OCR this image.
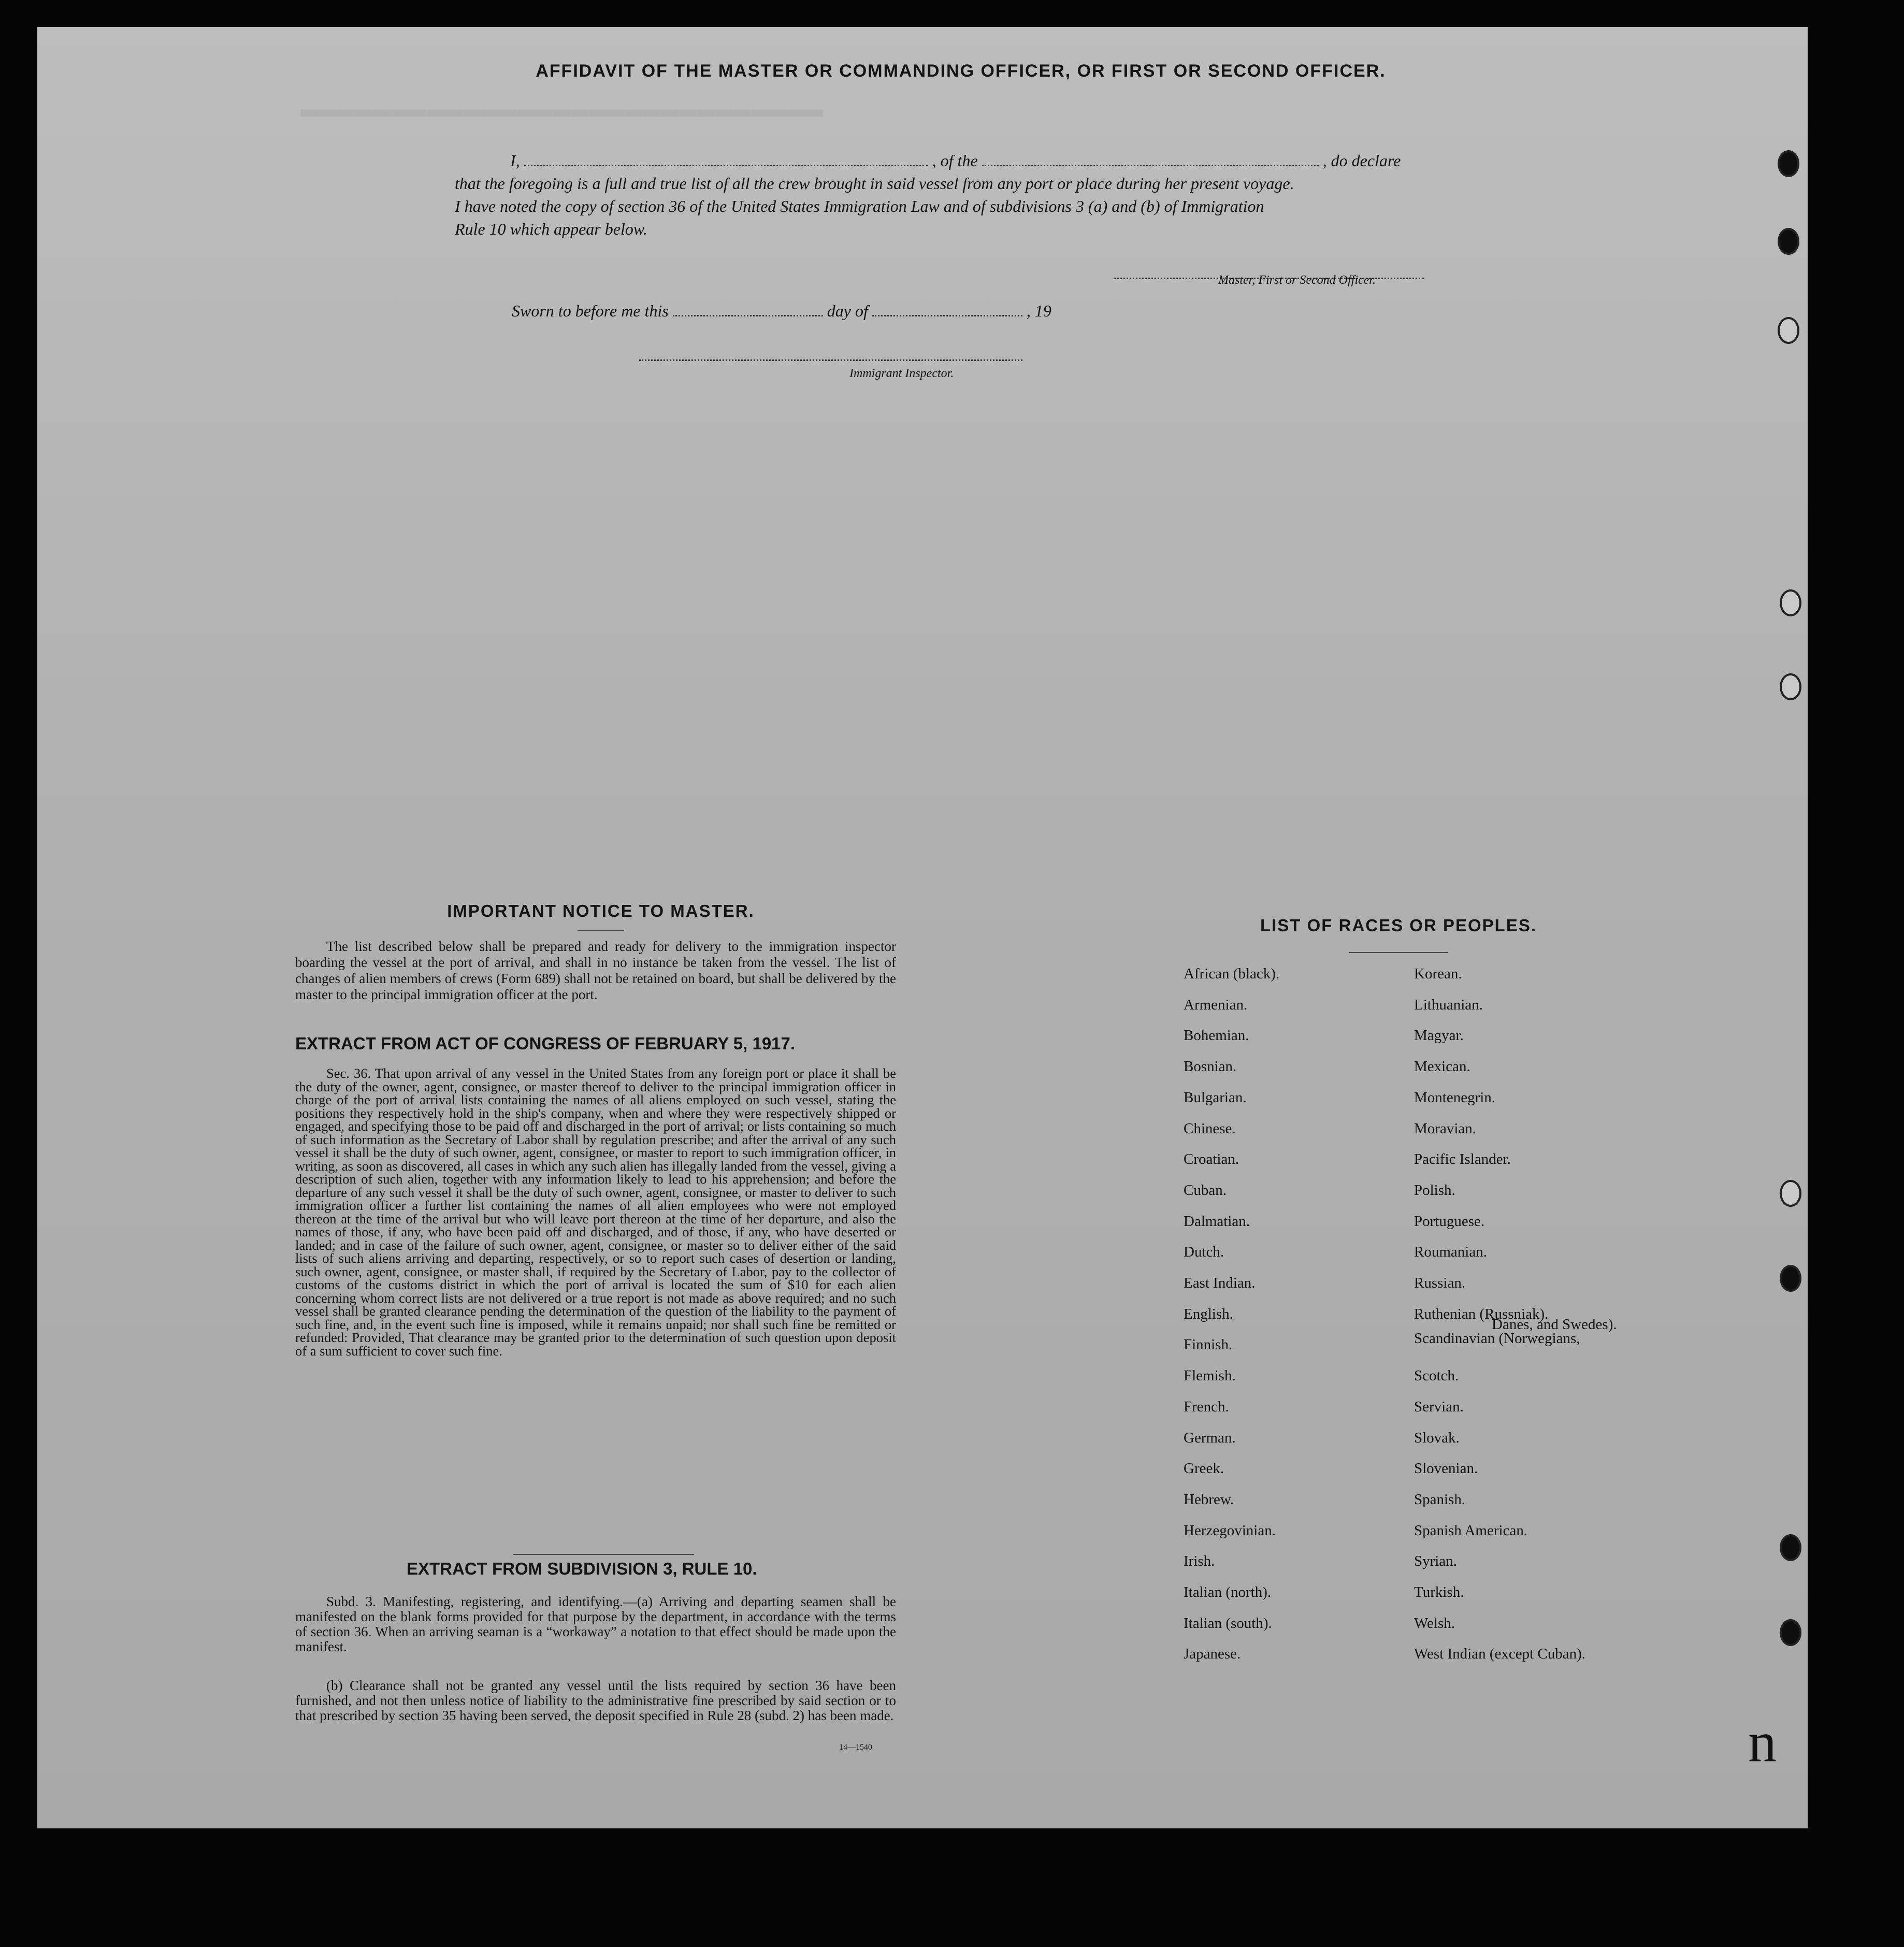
▬▬▬▬▬▬▬▬▬▬▬▬▬▬▬▬▬▬▬▬▬▬▬▬▬▬▬▬▬
AFFIDAVIT OF THE MASTER OR COMMANDING OFFICER, OR FIRST OR SECOND OFFICER.
I,	, of the	, do declare
that the foregoing is a full and true list of all the crew brought in said vessel from any port or place during her present voyage.
I have noted the copy of section 36 of the United States Immigration Law and of subdivisions 3 (a) and (b) of Immigration
Rule 10 which appear below.
Master, First or Second Officer.
Sworn to before me this	day of	, 19
Immigrant Inspector.
IMPORTANT NOTICE TO MASTER.
The list described below shall be prepared and ready for delivery to the immigration inspector boarding the vessel at the port of arrival, and shall in no instance be taken from the vessel. The list of changes of alien members of crews (Form 689) shall not be retained on board, but shall be delivered by the master to the principal immigration officer at the port.
EXTRACT FROM ACT OF CONGRESS OF FEBRUARY 5, 1917.
Sec. 36. That upon arrival of any vessel in the United States from any foreign port or place it shall be the duty of the owner, agent, consignee, or master thereof to deliver to the principal immigration officer in charge of the port of arrival lists containing the names of all aliens employed on such vessel, stating the positions they respectively hold in the ship's company, when and where they were respectively shipped or engaged, and specifying those to be paid off and discharged in the port of arrival; or lists containing so much of such information as the Secretary of Labor shall by regulation prescribe; and after the arrival of any such vessel it shall be the duty of such owner, agent, consignee, or master to report to such immigration officer, in writing, as soon as discovered, all cases in which any such alien has illegally landed from the vessel, giving a description of such alien, together with any information likely to lead to his apprehension; and before the departure of any such vessel it shall be the duty of such owner, agent, consignee, or master to deliver to such immigration officer a further list containing the names of all alien employees who were not employed thereon at the time of the arrival but who will leave port thereon at the time of her departure, and also the names of those, if any, who have been paid off and discharged, and of those, if any, who have deserted or landed; and in case of the failure of such owner, agent, consignee, or master so to deliver either of the said lists of such aliens arriving and departing, respectively, or so to report such cases of desertion or landing, such owner, agent, consignee, or master shall, if required by the Secretary of Labor, pay to the collector of customs of the customs district in which the port of arrival is located the sum of $10 for each alien concerning whom correct lists are not delivered or a true report is not made as above required; and no such vessel shall be granted clearance pending the determination of the question of the liability to the payment of such fine, and, in the event such fine is imposed, while it remains unpaid; nor shall such fine be remitted or refunded: Provided, That clearance may be granted prior to the determination of such question upon deposit of a sum sufficient to cover such fine.
EXTRACT FROM SUBDIVISION 3, RULE 10.
Subd. 3. Manifesting, registering, and identifying.—(a) Arriving and departing seamen shall be manifested on the blank forms provided for that purpose by the department, in accordance with the terms of section 36. When an arriving seaman is a “workaway” a notation to that effect should be made upon the manifest.
(b) Clearance shall not be granted any vessel until the lists required by section 36 have been furnished, and not then unless notice of liability to the administrative fine prescribed by said section or to that prescribed by section 35 having been served, the deposit specified in Rule 28 (subd. 2) has been made.
14—1540
LIST OF RACES OR PEOPLES.
African (black).
Armenian.
Bohemian.
Bosnian.
Bulgarian.
Chinese.
Croatian.
Cuban.
Dalmatian.
Dutch.
East Indian.
English.
Finnish.
Flemish.
French.
German.
Greek.
Hebrew.
Herzegovinian.
Irish.
Italian (north).
Italian (south).
Japanese.
Korean.
Lithuanian.
Magyar.
Mexican.
Montenegrin.
Moravian.
Pacific Islander.
Polish.
Portuguese.
Roumanian.
Russian.
Ruthenian (Russniak).
Scandinavian (Norwegians,
Danes, and Swedes).
Scotch.
Servian.
Slovak.
Slovenian.
Spanish.
Spanish American.
Syrian.
Turkish.
Welsh.
West Indian (except Cuban).
n
